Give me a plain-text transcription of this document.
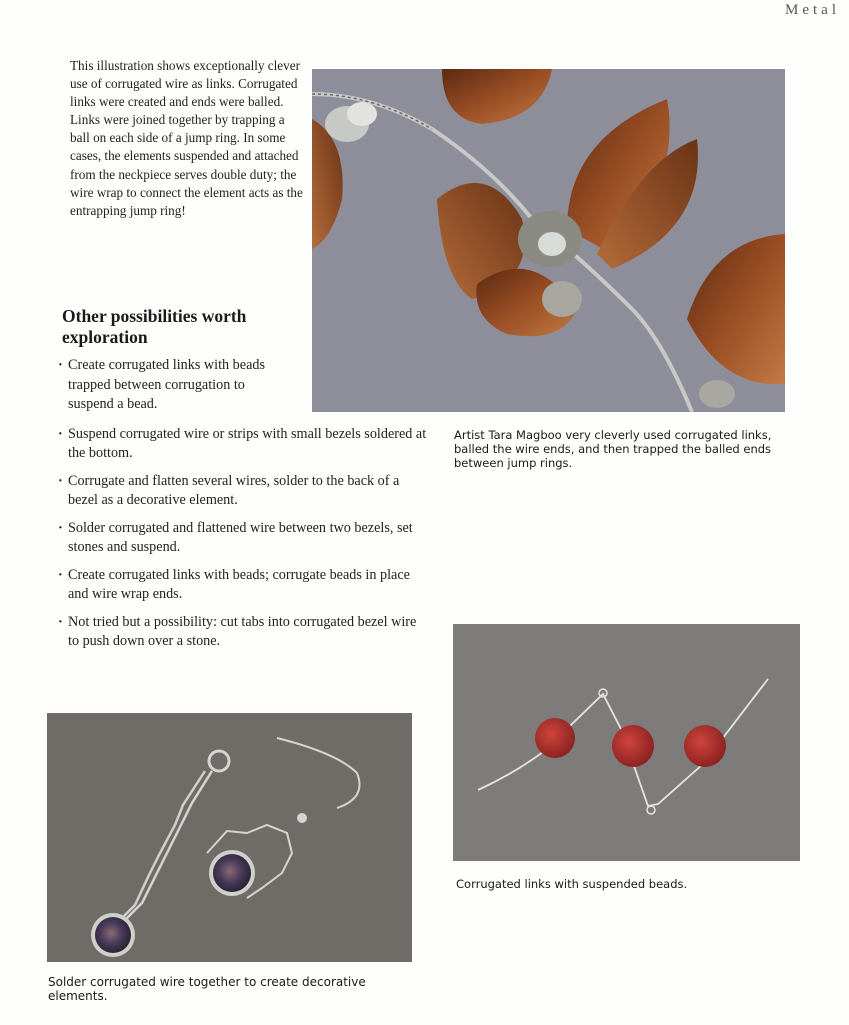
Metal

This illustration shows exceptionally clever use of corrugated wire as links. Corrugated links were created and ends were balled. Links were joined together by trapping a ball on each side of a jump ring. In some cases, the elements suspended and attached from the neckpiece serves double duty; the wire wrap to connect the element acts as the entrapping jump ring!

Other possibilities worth exploration
· Create corrugated links with beads trapped between corrugation to suspend a bead.
· Suspend corrugated wire or strips with small bezels soldered at the bottom.
· Corrugate and flatten several wires, solder to the back of a bezel as a decorative element.
· Solder corrugated and flattened wire between two bezels, set stones and suspend.
· Create corrugated links with beads; corrugate beads in place and wire wrap ends.
· Not tried but a possibility: cut tabs into corrugated bezel wire to push down over a stone.
Artist Tara Magboo very cleverly used corrugated links, balled the wire ends, and then trapped the balled ends between jump rings.
Corrugated links with suspended beads.
Solder corrugated wire together to create decorative elements.
